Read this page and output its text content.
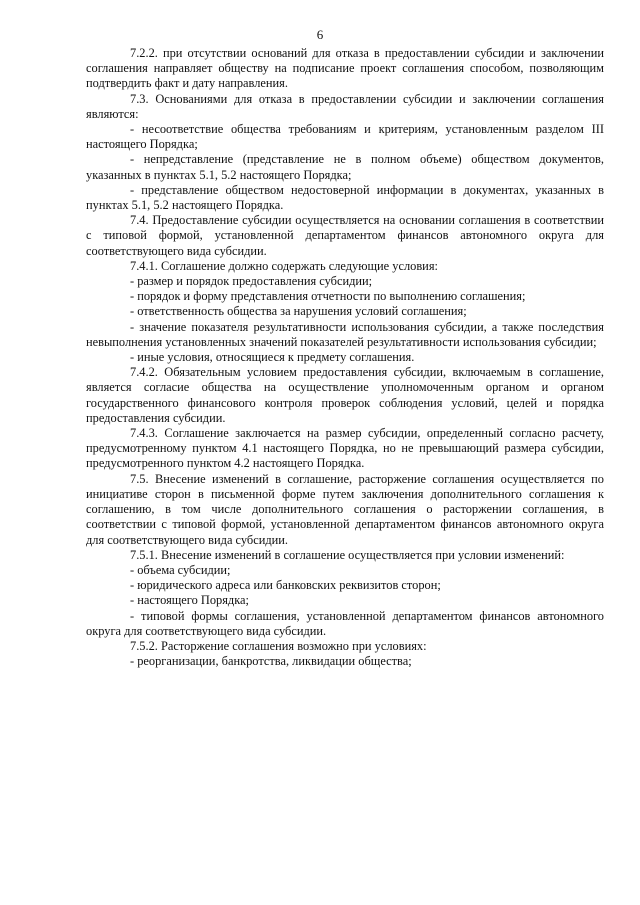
6

7.2.2. при отсутствии оснований для отказа в предоставлении субсидии и заключении соглашения направляет обществу на подписание проект соглашения способом, позволяющим подтвердить факт и дату направления.

7.3. Основаниями для отказа в предоставлении субсидии и заключении соглашения являются:

- несоответствие общества требованиям и критериям, установленным разделом III настоящего Порядка;

- непредставление (представление не в полном объеме) обществом документов, указанных в пунктах 5.1, 5.2 настоящего Порядка;

- представление обществом недостоверной информации в документах, указанных в пунктах 5.1, 5.2 настоящего Порядка.

7.4. Предоставление субсидии осуществляется на основании соглашения в соответствии с типовой формой, установленной департаментом финансов автономного округа для соответствующего вида субсидии.

7.4.1. Соглашение должно содержать следующие условия:

- размер и порядок предоставления субсидии;

- порядок и форму представления отчетности по выполнению соглашения;

- ответственность общества за нарушения условий соглашения;

- значение показателя результативности использования субсидии, а также последствия невыполнения установленных значений показателей результативности использования субсидии;

- иные условия, относящиеся к предмету соглашения.

7.4.2. Обязательным условием предоставления субсидии, включаемым в соглашение, является согласие общества на осуществление уполномоченным органом и органом государственного финансового контроля проверок соблюдения условий, целей и порядка предоставления субсидии.

7.4.3. Соглашение заключается на размер субсидии, определенный согласно расчету, предусмотренному пунктом 4.1 настоящего Порядка, но не превышающий размера субсидии, предусмотренного пунктом 4.2 настоящего Порядка.

7.5. Внесение изменений в соглашение, расторжение соглашения осуществляется по инициативе сторон в письменной форме путем заключения дополнительного соглашения к соглашению, в том числе дополнительного соглашения о расторжении соглашения, в соответствии с типовой формой, установленной департаментом финансов автономного округа для соответствующего вида субсидии.

7.5.1. Внесение изменений в соглашение осуществляется при условии изменений:

- объема субсидии;

- юридического адреса или банковских реквизитов сторон;

- настоящего Порядка;

- типовой формы соглашения, установленной департаментом финансов автономного округа для соответствующего вида субсидии.

7.5.2. Расторжение соглашения возможно при условиях:

- реорганизации, банкротства, ликвидации общества;
